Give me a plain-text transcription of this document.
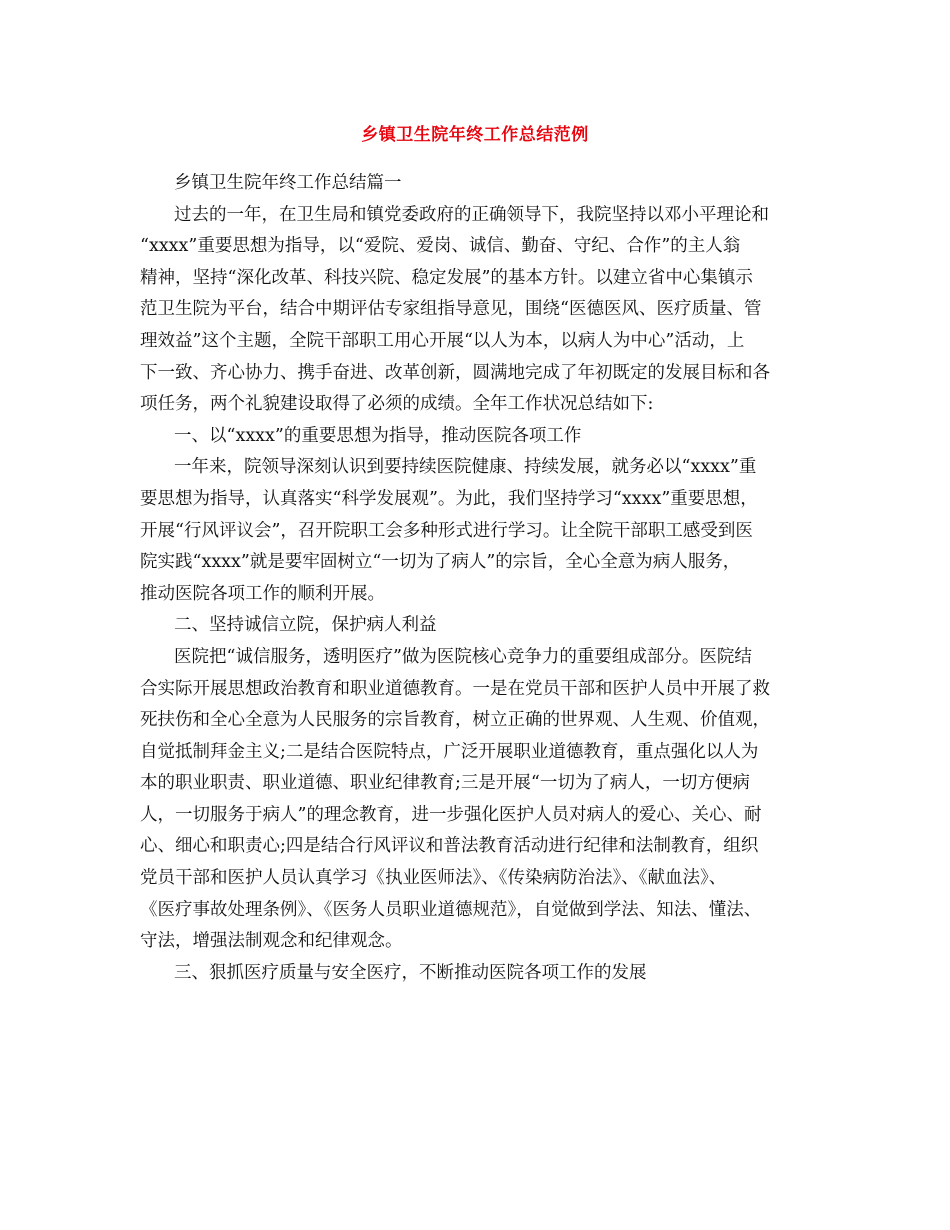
乡镇卫生院年终工作总结范例
乡镇卫生院年终工作总结篇一
过去的一年，在卫生局和镇党委政府的正确领导下，我院坚持以邓小平理论和
“xxxx”重要思想为指导，以“爱院、爱岗、诚信、勤奋、守纪、合作”的主人翁
精神，坚持“深化改革、科技兴院、稳定发展”的基本方针。以建立省中心集镇示
范卫生院为平台，结合中期评估专家组指导意见，围绕“医德医风、医疗质量、管
理效益”这个主题，全院干部职工用心开展“以人为本，以病人为中心”活动，上
下一致、齐心协力、携手奋进、改革创新，圆满地完成了年初既定的发展目标和各
项任务，两个礼貌建设取得了必须的成绩。全年工作状况总结如下:
一、以“xxxx”的重要思想为指导，推动医院各项工作
一年来，院领导深刻认识到要持续医院健康、持续发展，就务必以“xxxx”重
要思想为指导，认真落实“科学发展观”。为此，我们坚持学习“xxxx”重要思想，
开展“行风评议会”，召开院职工会多种形式进行学习。让全院干部职工感受到医
院实践“xxxx”就是要牢固树立“一切为了病人”的宗旨，全心全意为病人服务，
推动医院各项工作的顺利开展。
二、坚持诚信立院，保护病人利益
医院把“诚信服务，透明医疗”做为医院核心竞争力的重要组成部分。医院结
合实际开展思想政治教育和职业道德教育。一是在党员干部和医护人员中开展了救
死扶伤和全心全意为人民服务的宗旨教育，树立正确的世界观、人生观、价值观，
自觉抵制拜金主义;二是结合医院特点，广泛开展职业道德教育，重点强化以人为
本的职业职责、职业道德、职业纪律教育;三是开展“一切为了病人，一切方便病
人，一切服务于病人”的理念教育，进一步强化医护人员对病人的爱心、关心、耐
心、细心和职责心;四是结合行风评议和普法教育活动进行纪律和法制教育，组织
党员干部和医护人员认真学习《执业医师法》、《传染病防治法》、《献血法》、
《医疗事故处理条例》、《医务人员职业道德规范》，自觉做到学法、知法、懂法、
守法，增强法制观念和纪律观念。
三、狠抓医疗质量与安全医疗，不断推动医院各项工作的发展
